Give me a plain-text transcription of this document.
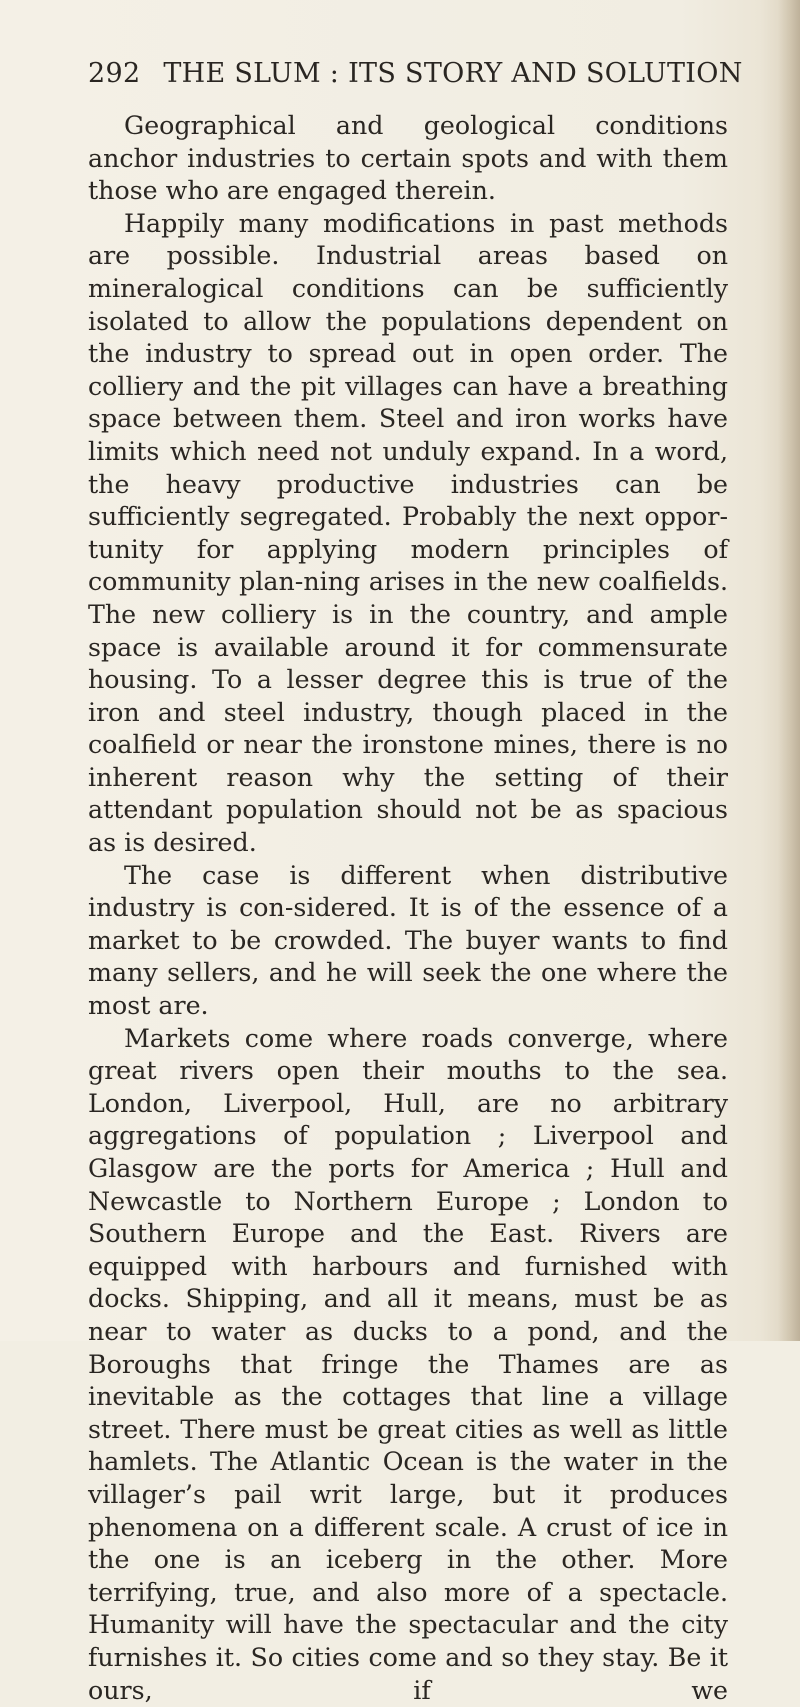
292 THE SLUM : ITS STORY AND SOLUTION

Geographical and geological conditions anchor industries to certain spots and with them those who are engaged therein.

Happily many modifications in past methods are possible. Industrial areas based on mineralogical conditions can be sufficiently isolated to allow the populations dependent on the industry to spread out in open order. The colliery and the pit villages can have a breathing space between them. Steel and iron works have limits which need not unduly expand. In a word, the heavy productive industries can be sufficiently segregated. Probably the next oppor-tunity for applying modern principles of community plan-ning arises in the new coalfields. The new colliery is in the country, and ample space is available around it for commensurate housing. To a lesser degree this is true of the iron and steel industry, though placed in the coalfield or near the ironstone mines, there is no inherent reason why the setting of their attendant population should not be as spacious as is desired.

The case is different when distributive industry is con-sidered. It is of the essence of a market to be crowded. The buyer wants to find many sellers, and he will seek the one where the most are.

Markets come where roads converge, where great rivers open their mouths to the sea. London, Liverpool, Hull, are no arbitrary aggregations of population ; Liverpool and Glasgow are the ports for America ; Hull and Newcastle to Northern Europe ; London to Southern Europe and the East. Rivers are equipped with harbours and furnished with docks. Shipping, and all it means, must be as near to water as ducks to a pond, and the Boroughs that fringe the Thames are as inevitable as the cottages that line a village street. There must be great cities as well as little hamlets. The Atlantic Ocean is the water in the villager’s pail writ large, but it produces phenomena on a different scale. A crust of ice in the one is an iceberg in the other. More terrifying, true, and also more of a spectacle. Humanity will have the spectacular and the city furnishes it. So cities come and so they stay. Be it ours, if we
